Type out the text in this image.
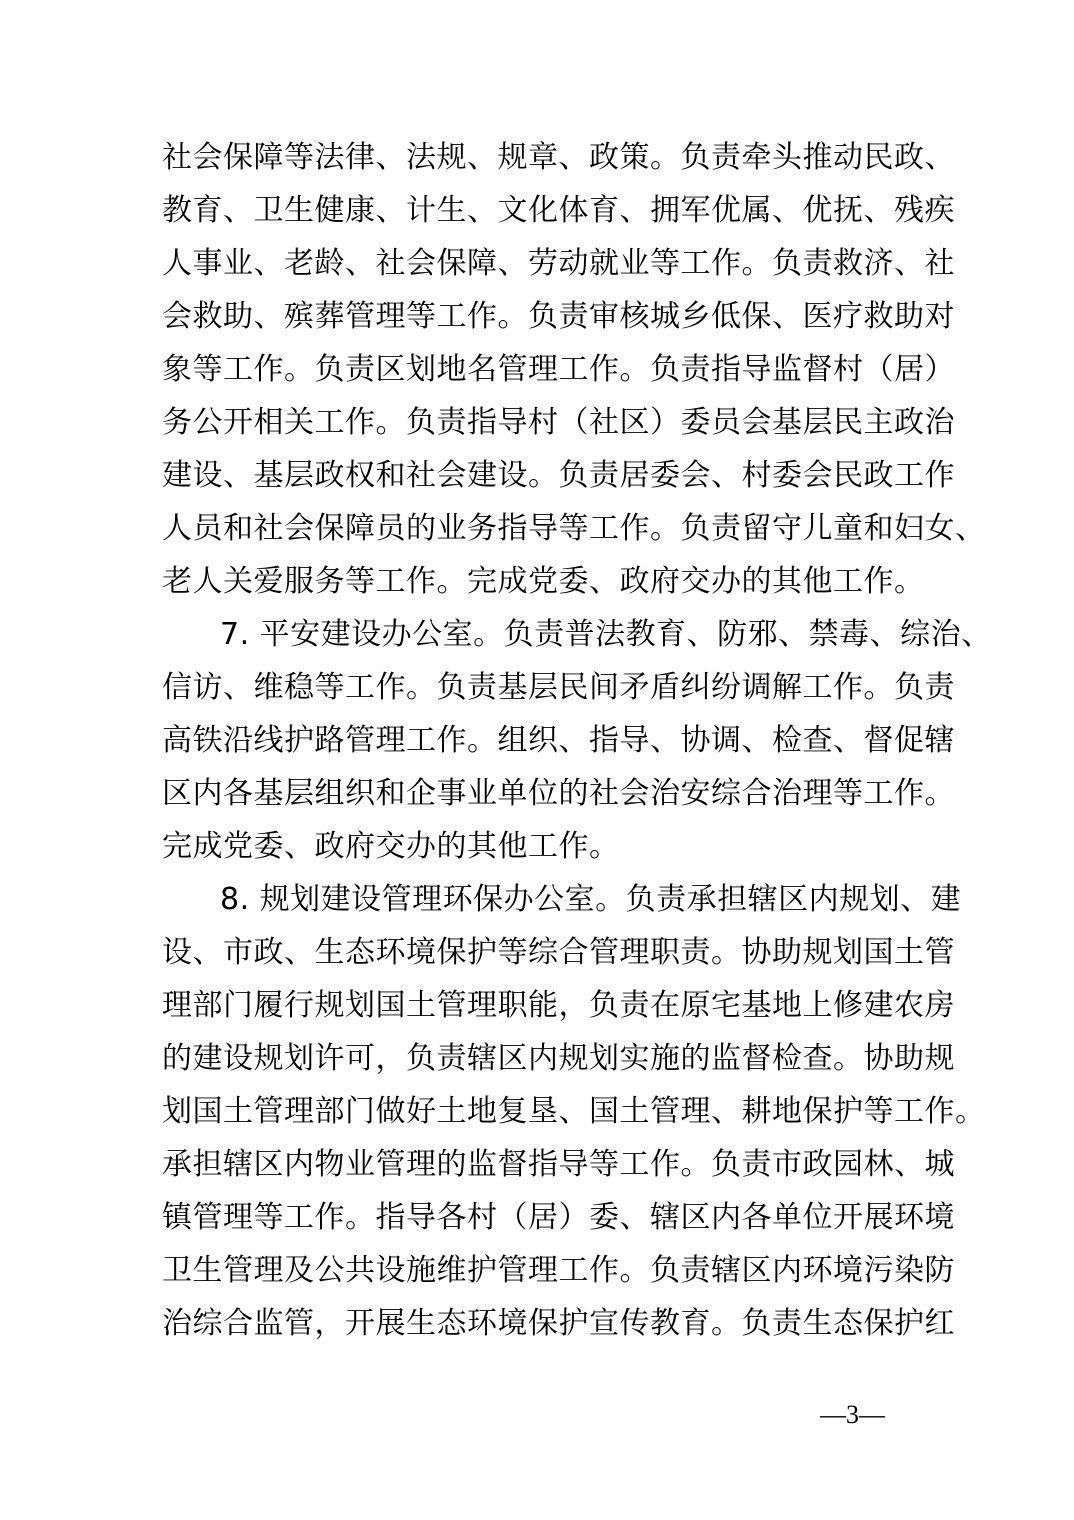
社会保障等法律、法规、规章、政策。负责牵头推动民政、
教育、卫生健康、计生、文化体育、拥军优属、优抚、残疾
人事业、老龄、社会保障、劳动就业等工作。负责救济、社
会救助、殡葬管理等工作。负责审核城乡低保、医疗救助对
象等工作。负责区划地名管理工作。负责指导监督村（居）
务公开相关工作。负责指导村（社区）委员会基层民主政治
建设、基层政权和社会建设。负责居委会、村委会民政工作
人员和社会保障员的业务指导等工作。负责留守儿童和妇女、
老人关爱服务等工作。完成党委、政府交办的其他工作。
7. 平安建设办公室。负责普法教育、防邪、禁毒、综治、
信访、维稳等工作。负责基层民间矛盾纠纷调解工作。负责
高铁沿线护路管理工作。组织、指导、协调、检查、督促辖
区内各基层组织和企事业单位的社会治安综合治理等工作。
完成党委、政府交办的其他工作。
8. 规划建设管理环保办公室。负责承担辖区内规划、建
设、市政、生态环境保护等综合管理职责。协助规划国土管
理部门履行规划国土管理职能，负责在原宅基地上修建农房
的建设规划许可，负责辖区内规划实施的监督检查。协助规
划国土管理部门做好土地复垦、国土管理、耕地保护等工作。
承担辖区内物业管理的监督指导等工作。负责市政园林、城
镇管理等工作。指导各村（居）委、辖区内各单位开展环境
卫生管理及公共设施维护管理工作。负责辖区内环境污染防
治综合监管，开展生态环境保护宣传教育。负责生态保护红
—3—
